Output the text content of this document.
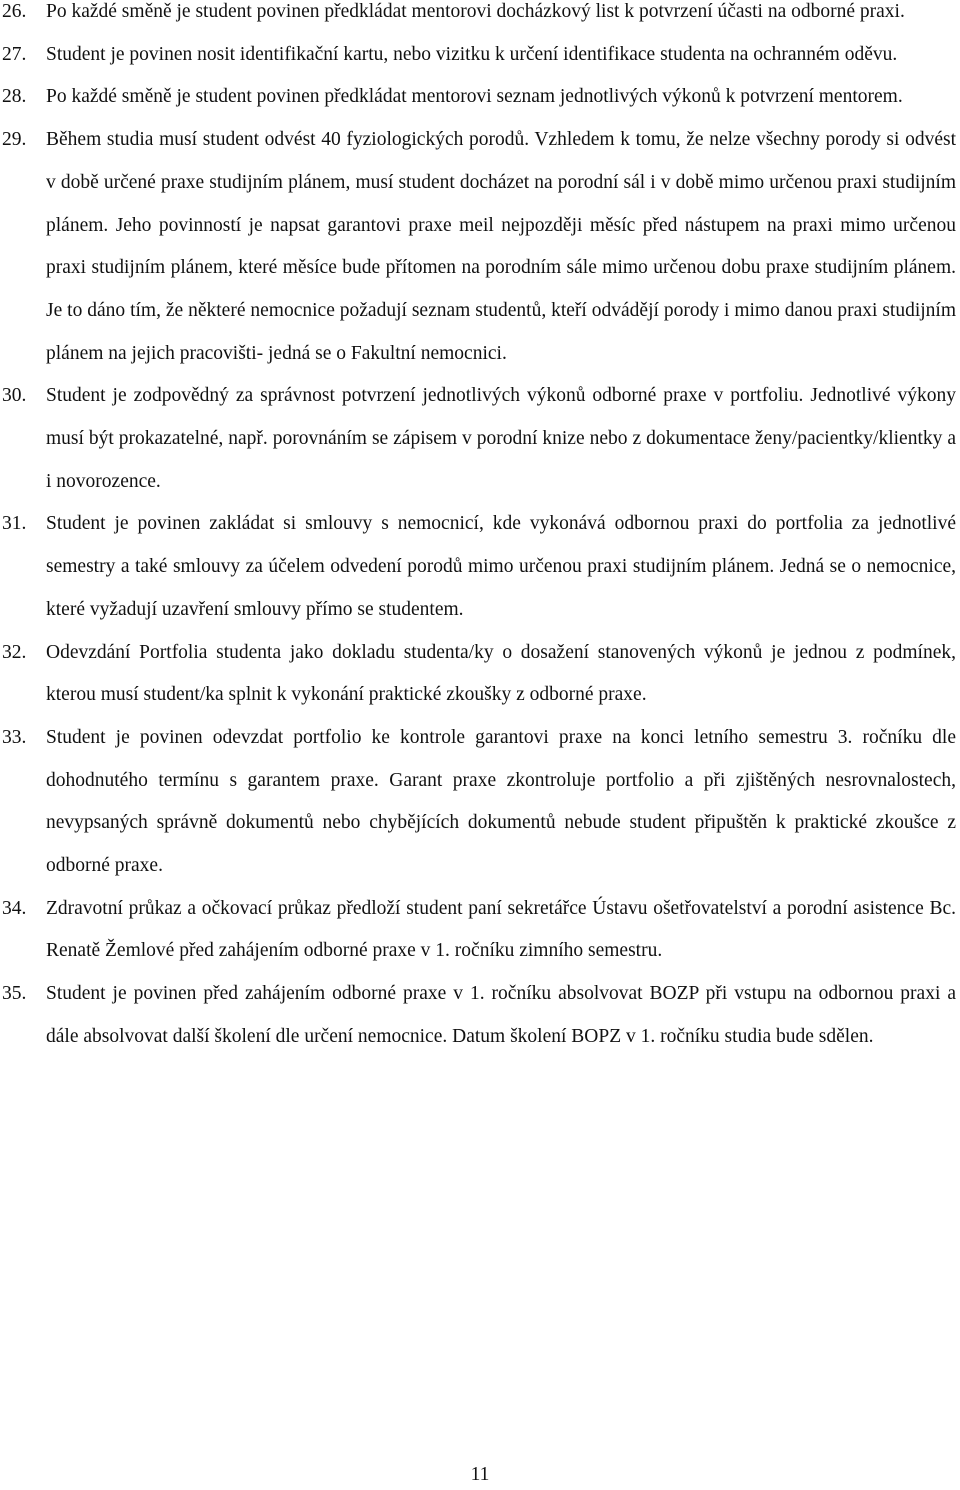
26.	Po každé směně je student povinen předkládat mentorovi docházkový list k potvrzení účasti na odborné praxi.
27.	Student je povinen nosit identifikační kartu, nebo vizitku k určení identifikace studenta na ochranném oděvu.
28.	Po každé směně je student povinen předkládat mentorovi seznam jednotlivých výkonů k potvrzení mentorem.
29.	Během studia musí student odvést 40 fyziologických porodů. Vzhledem k tomu, že nelze všechny porody si odvést v době určené praxe studijním plánem, musí student docházet na porodní sál i v době mimo určenou praxi studijním plánem. Jeho povinností je napsat garantovi praxe meil nejpozději měsíc před nástupem na praxi mimo určenou praxi studijním plánem, které měsíce bude přítomen na porodním sále mimo určenou dobu praxe studijním plánem. Je to dáno tím, že některé nemocnice požadují seznam studentů, kteří odvádějí porody i mimo danou praxi studijním plánem na jejich pracovišti- jedná se o Fakultní nemocnici.
30.	Student je zodpovědný za správnost potvrzení jednotlivých výkonů odborné praxe v portfoliu. Jednotlivé výkony musí být prokazatelné, např. porovnáním se zápisem v porodní knize nebo z dokumentace ženy/pacientky/klientky a i novorozence.
31.	Student je povinen zakládat si smlouvy s nemocnicí, kde vykonává odbornou praxi do portfolia za jednotlivé semestry a také smlouvy za účelem odvedení porodů mimo určenou praxi studijním plánem. Jedná se o nemocnice, které vyžadují uzavření smlouvy přímo se studentem.
32.	Odevzdání Portfolia studenta jako dokladu studenta/ky o dosažení stanovených výkonů je jednou z podmínek, kterou musí student/ka splnit k vykonání praktické zkoušky z odborné praxe.
33.	Student je povinen odevzdat portfolio ke kontrole garantovi praxe na konci letního semestru 3. ročníku dle dohodnutého termínu s garantem praxe. Garant praxe zkontroluje portfolio a při zjištěných nesrovnalostech, nevypsaných správně dokumentů nebo chybějících dokumentů nebude student připuštěn k praktické zkoušce z odborné praxe.
34.	Zdravotní průkaz a očkovací průkaz předloží student paní sekretářce Ústavu ošetřovatelství a porodní asistence Bc. Renatě Žemlové před zahájením odborné praxe v 1. ročníku zimního semestru.
35.	Student je povinen před zahájením odborné praxe v 1. ročníku absolvovat BOZP při vstupu na odbornou praxi a dále absolvovat další školení dle určení nemocnice. Datum školení BOPZ v 1. ročníku studia bude sdělen.
11
